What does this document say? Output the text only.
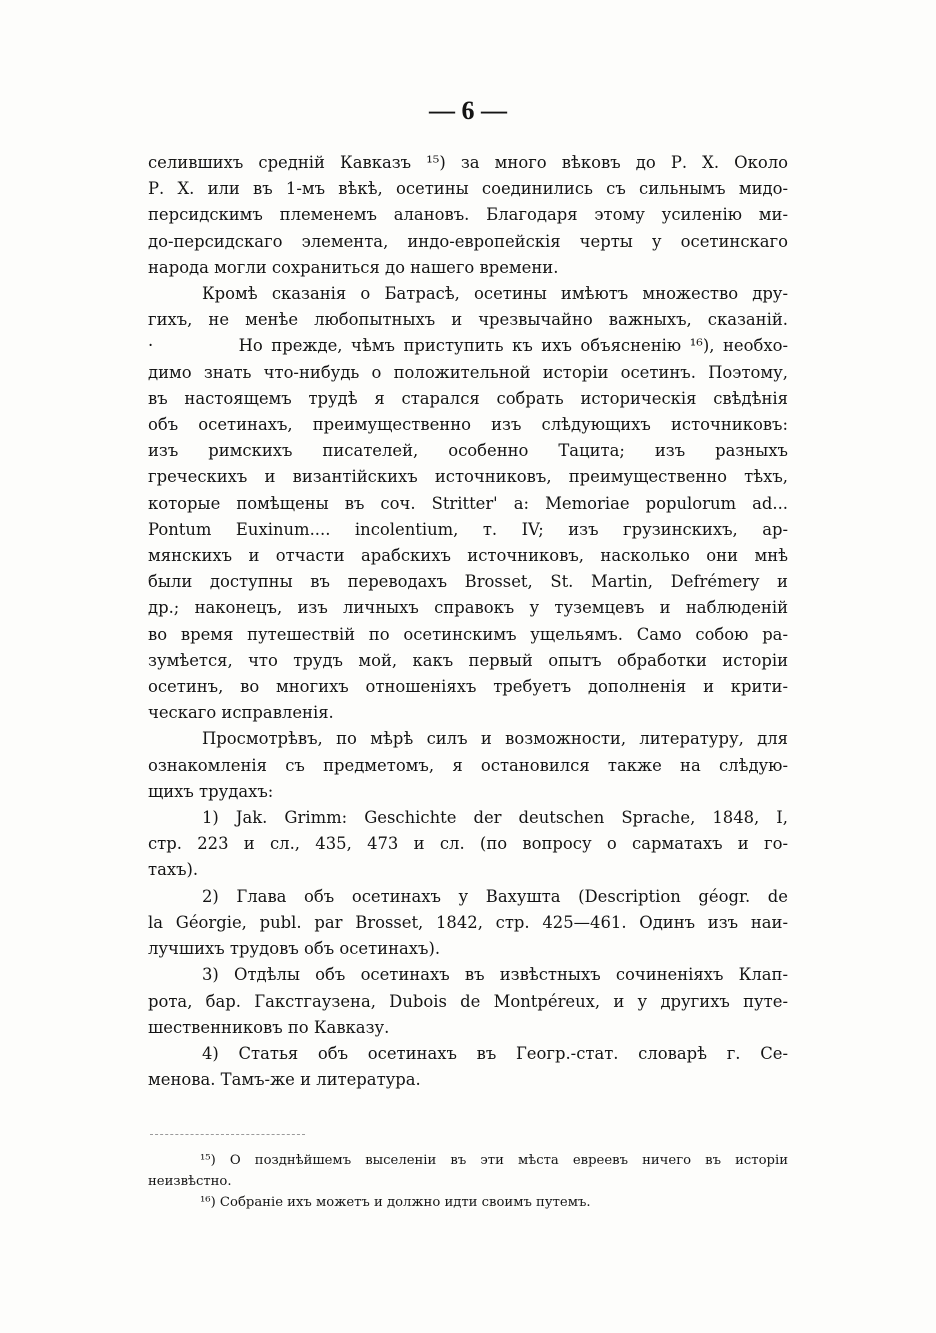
— 6 —

селившихъ средній Кавказъ ¹⁵) за много вѣковъ до Р. Х. Около
Р. Х. или въ 1-мъ вѣкѣ, осетины соединились съ сильнымъ мидо-
персидскимъ племенемъ алановъ. Благодаря этому усиленію ми-
до-персидскаго элемента, индо-европейскія черты у осетинскаго
народа могли сохраниться до нашего времени.

Кромѣ сказанія о Батрасѣ, осетины имѣютъ множество дру-
гихъ, не менѣе любопытныхъ и чрезвычайно важныхъ, сказаній.

·          Но прежде, чѣмъ приступить къ ихъ объясненію ¹⁶), необхо-
димо знать что-нибудь о положительной исторіи осетинъ. Поэтому,
въ настоящемъ трудѣ я старался собрать историческія свѣдѣнія
объ осетинахъ, преимущественно изъ слѣдующихъ источниковъ:
изъ римскихъ писателей, особенно Тацита; изъ разныхъ
греческихъ и византійскихъ источниковъ, преимущественно тѣхъ,
которые помѣщены въ соч. Stritter' а: Memoriae populorum ad...
Pontum Euxinum.... incolentium, т. IV; изъ грузинскихъ, ар-
мянскихъ и отчасти арабскихъ источниковъ, насколько они мнѣ
были доступны въ переводахъ Brosset, St. Martin, Defrémery и
др.; наконецъ, изъ личныхъ справокъ у туземцевъ и наблюденій
во время путешествій по осетинскимъ ущельямъ. Само собою ра-
зумѣется, что трудъ мой, какъ первый опытъ обработки исторіи
осетинъ, во многихъ отношеніяхъ требуетъ дополненія и крити-
ческаго исправленія.

Просмотрѣвъ, по мѣрѣ силъ и возможности, литературу, для
ознакомленія съ предметомъ, я остановился также на слѣдую-
щихъ трудахъ:

1) Jak. Grimm: Geschichte der deutschen Sprache, 1848, I,
стр. 223 и сл., 435, 473 и сл. (по вопросу о сарматахъ и го-
тахъ).

2) Глава объ осетинахъ у Вахушта (Description géogr. de
la Géorgie, publ. par Brosset, 1842, стр. 425—461. Одинъ изъ наи-
лучшихъ трудовъ объ осетинахъ).

3) Отдѣлы объ осетинахъ въ извѣстныхъ сочиненіяхъ Клап-
рота, бар. Гакстгаузена, Dubois de Montpéreux, и у другихъ путе-
шественниковъ по Кавказу.

4) Статья объ осетинахъ въ Геогр.-стат. словарѣ г. Се-
менова. Тамъ-же и литература.

¹⁵) О позднѣйшемъ выселеніи въ эти мѣста евреевъ ничего въ исторіи
неизвѣстно.

¹⁶) Собраніе ихъ можетъ и должно идти своимъ путемъ.
